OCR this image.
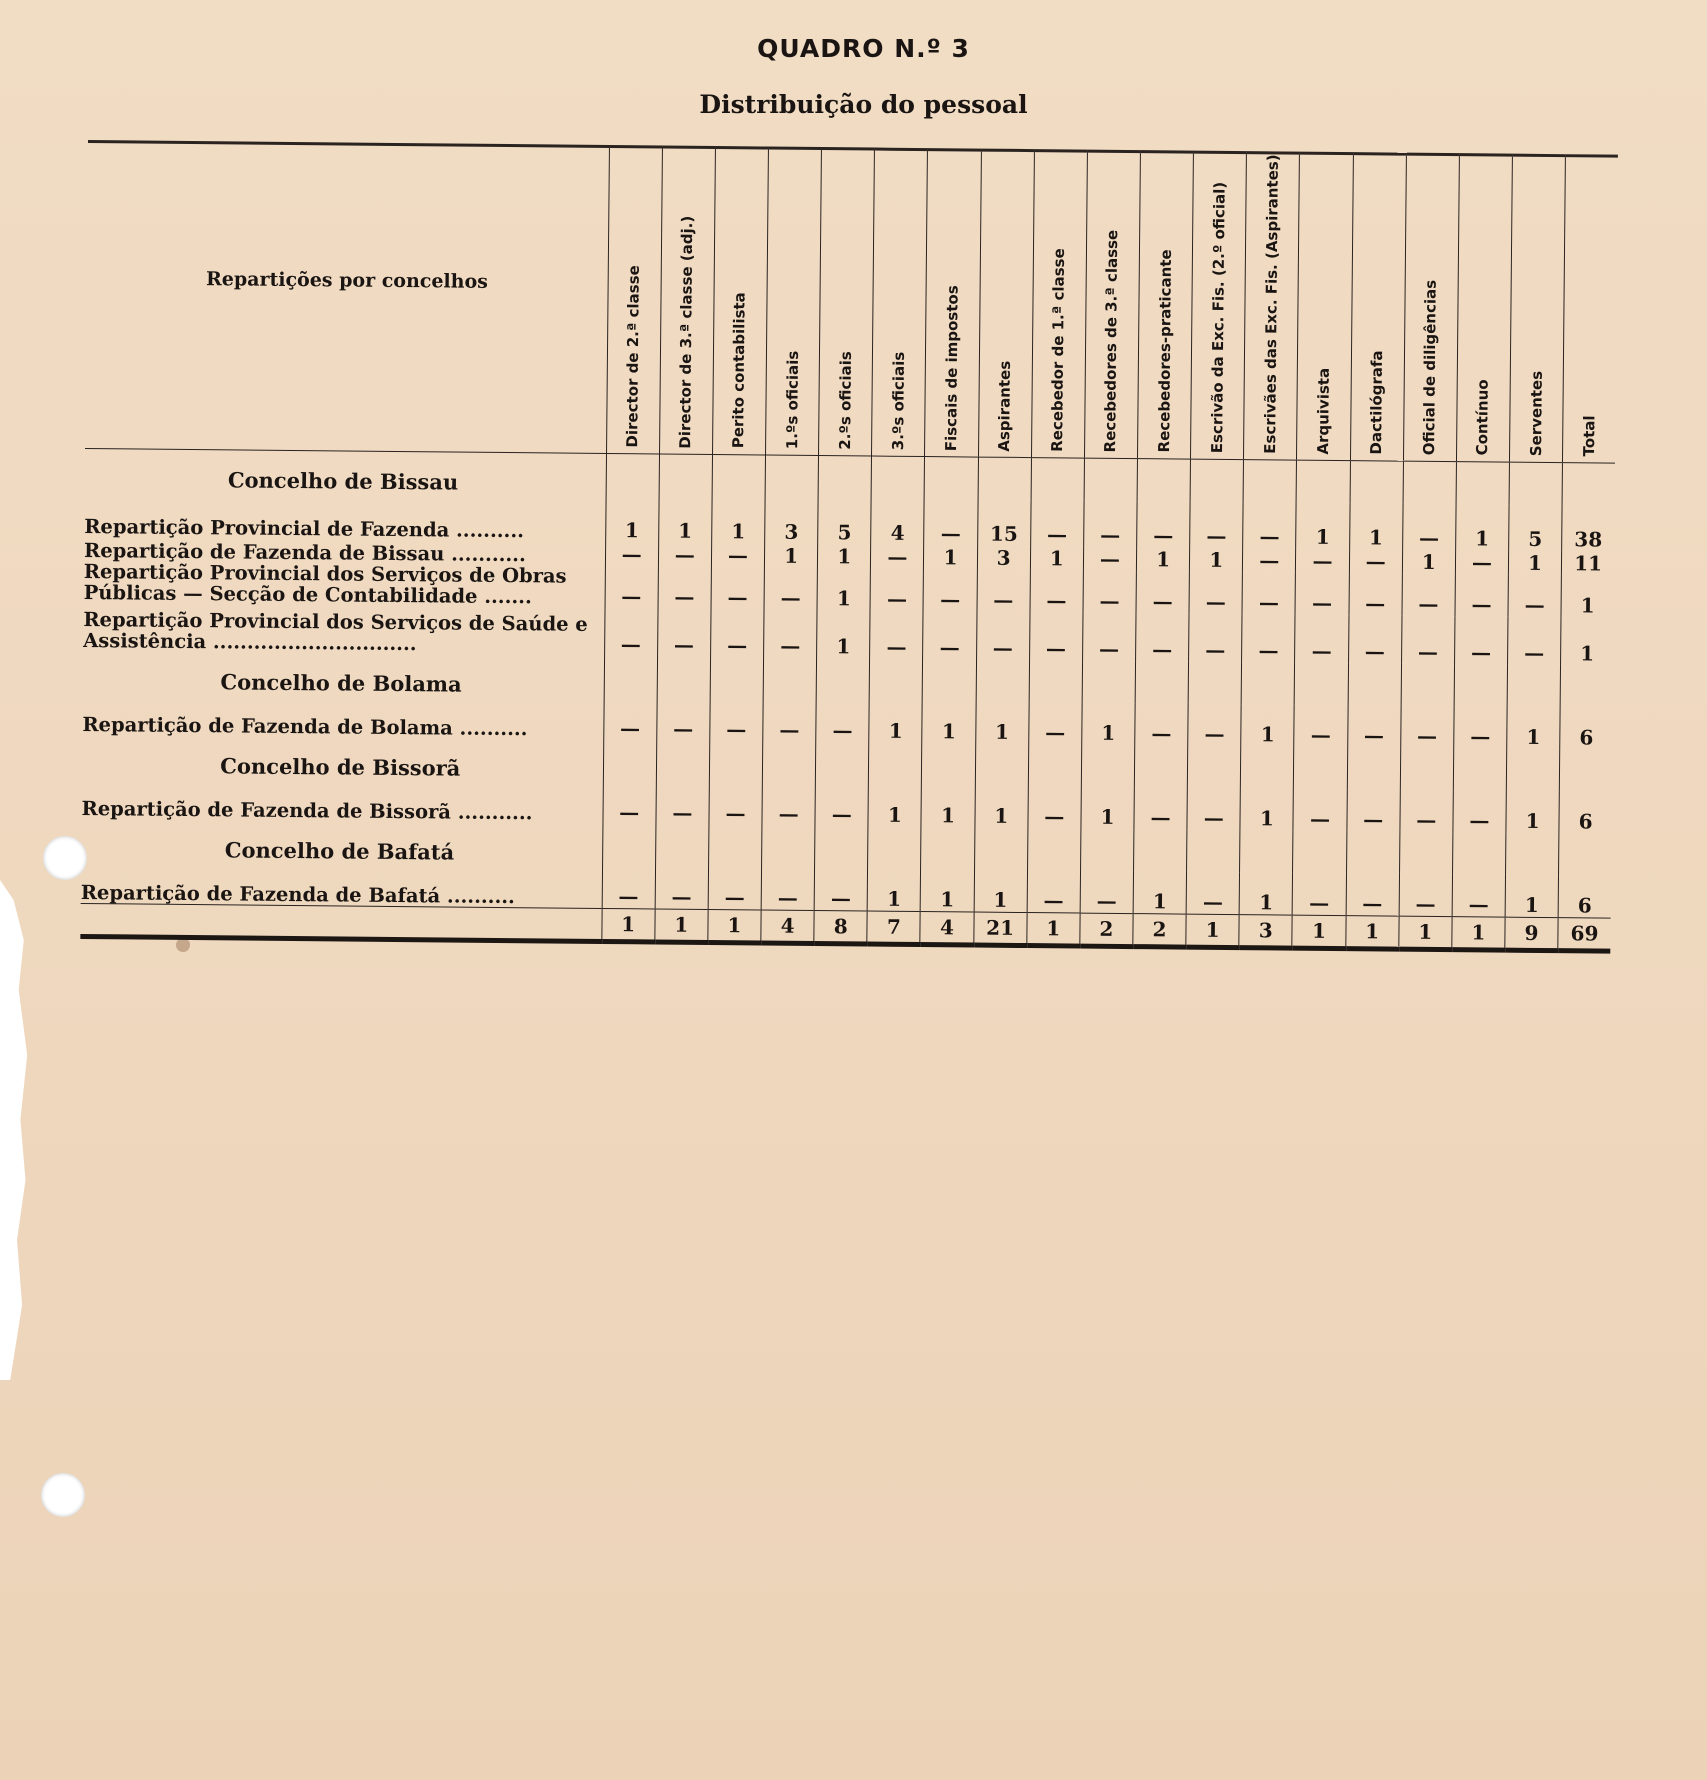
QUADRO N.º 3
Distribuição do pessoal
Repartições por concelhos	Director de 2.ª classe	Director de 3.ª classe (adj.)	Perito contabilista	1.ºs oficiais	2.ºs oficiais	3.ºs oficiais	Fiscais de impostos	Aspirantes	Recebedor de 1.ª classe	Recebedores de 3.ª classe	Recebedores-praticante	Escrivão da Exc. Fis. (2.º oficial)	Escrivães das Exc. Fis. (Aspirantes)	Arquivista	Dactilógrafa	Oficial de diligências	Contínuo	Serventes	Total

Concelho de Bissau																			
Repartição Provincial de Fazenda ..........	1	1	1	3	5	4	—	15	—	—	—	—	—	1	1	—	1	5	38
Repartição de Fazenda de Bissau ...........	—	—	—	1	1	—	1	3	1	—	1	1	—	—	—	1	—	1	11
Repartição Provincial dos Serviços de Obras Públicas — Secção de Contabilidade .......	—	—	—	—	1	—	—	—	—	—	—	—	—	—	—	—	—	—	1
Repartição Provincial dos Serviços de Saúde e Assistência ..............................	—	—	—	—	1	—	—	—	—	—	—	—	—	—	—	—	—	—	1
Concelho de Bolama																			
Repartição de Fazenda de Bolama ..........	—	—	—	—	—	1	1	1	—	1	—	—	1	—	—	—	—	1	6
Concelho de Bissorã																			
Repartição de Fazenda de Bissorã ...........	—	—	—	—	—	1	1	1	—	1	—	—	1	—	—	—	—	1	6
Concelho de Bafatá																			
Repartição de Fazenda de Bafatá ..........	—	—	—	—	—	1	1	1	—	—	1	—	1	—	—	—	—	1	6
	1	1	1	4	8	7	4	21	1	2	2	1	3	1	1	1	1	9	69
